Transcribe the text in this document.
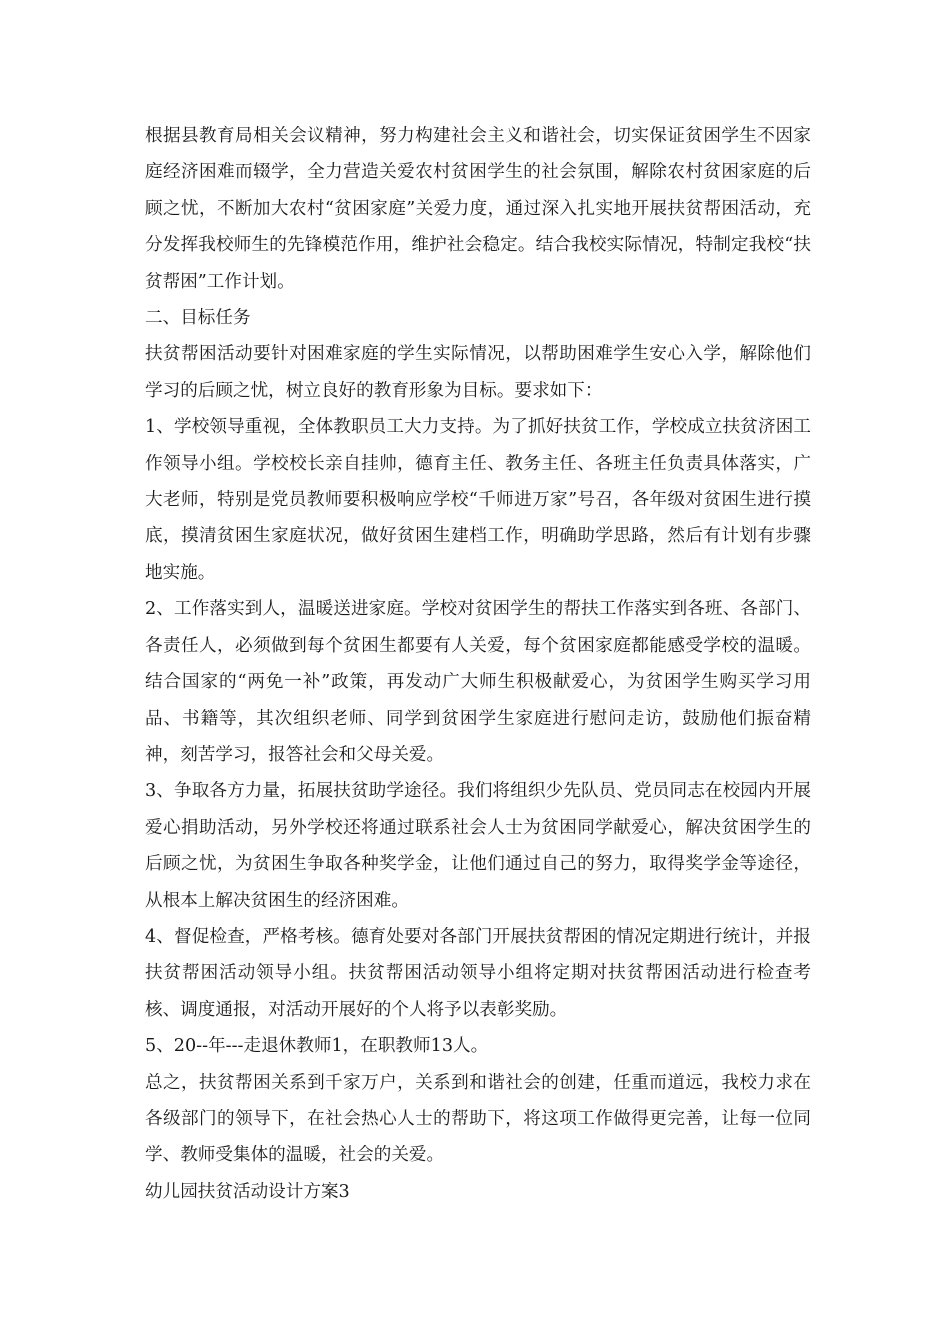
根据县教育局相关会议精神，努力构建社会主义和谐社会，切实保证贫困学生不因家庭经济困难而辍学，全力营造关爱农村贫困学生的社会氛围，解除农村贫困家庭的后顾之忧，不断加大农村“贫困家庭”关爱力度，通过深入扎实地开展扶贫帮困活动，充分发挥我校师生的先锋模范作用，维护社会稳定。结合我校实际情况，特制定我校“扶贫帮困”工作计划。

二、目标任务

扶贫帮困活动要针对困难家庭的学生实际情况，以帮助困难学生安心入学，解除他们学习的后顾之忧，树立良好的教育形象为目标。要求如下：

1、学校领导重视，全体教职员工大力支持。为了抓好扶贫工作，学校成立扶贫济困工作领导小组。学校校长亲自挂帅，德育主任、教务主任、各班主任负责具体落实，广大老师，特别是党员教师要积极响应学校“千师进万家”号召，各年级对贫困生进行摸底，摸清贫困生家庭状况，做好贫困生建档工作，明确助学思路，然后有计划有步骤地实施。

2、工作落实到人，温暖送进家庭。学校对贫困学生的帮扶工作落实到各班、各部门、各责任人，必须做到每个贫困生都要有人关爱，每个贫困家庭都能感受学校的温暖。结合国家的“两免一补”政策，再发动广大师生积极献爱心，为贫困学生购买学习用品、书籍等，其次组织老师、同学到贫困学生家庭进行慰问走访，鼓励他们振奋精神，刻苦学习，报答社会和父母关爱。

3、争取各方力量，拓展扶贫助学途径。我们将组织少先队员、党员同志在校园内开展爱心捐助活动，另外学校还将通过联系社会人士为贫困同学献爱心，解决贫困学生的后顾之忧，为贫困生争取各种奖学金，让他们通过自己的努力，取得奖学金等途径，从根本上解决贫困生的经济困难。

4、督促检查，严格考核。德育处要对各部门开展扶贫帮困的情况定期进行统计，并报扶贫帮困活动领导小组。扶贫帮困活动领导小组将定期对扶贫帮困活动进行检查考核、调度通报，对活动开展好的个人将予以表彰奖励。

5、20--年---走退休教师1，在职教师13人。

总之，扶贫帮困关系到千家万户，关系到和谐社会的创建，任重而道远，我校力求在各级部门的领导下，在社会热心人士的帮助下，将这项工作做得更完善，让每一位同学、教师受集体的温暖，社会的关爱。

幼儿园扶贫活动设计方案3
